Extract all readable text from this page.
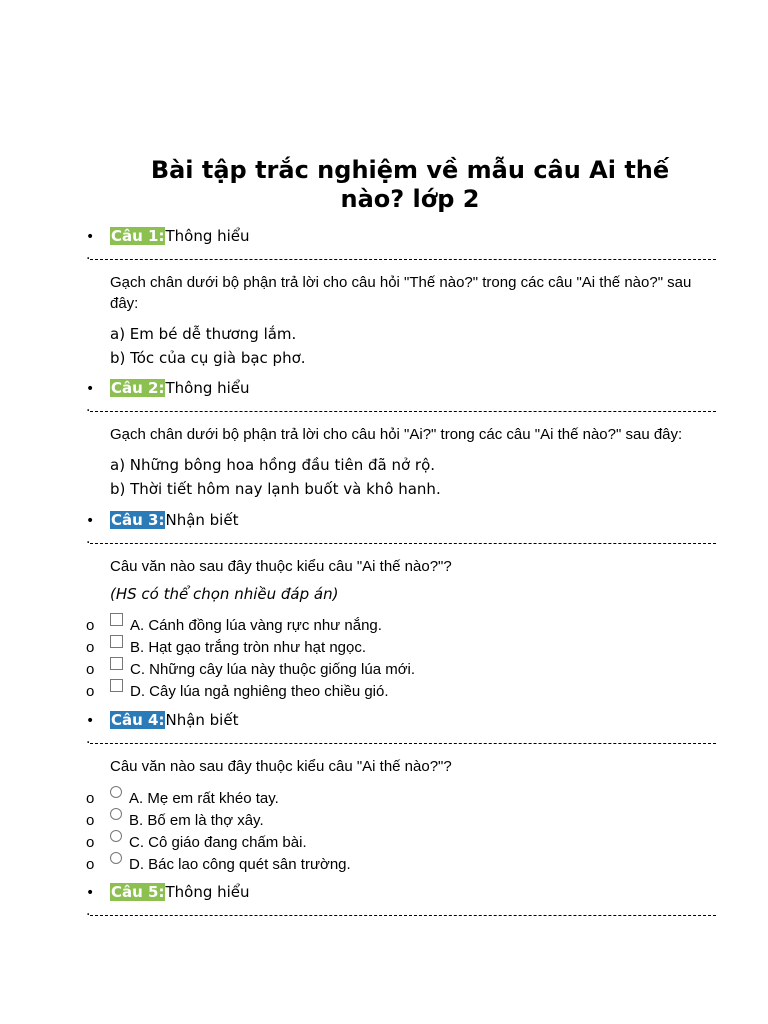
Bài tập trắc nghiệm về mẫu câu Ai thế nào? lớp 2
• Câu 1:Thông hiểu
·
Gạch chân dưới bộ phận trả lời cho câu hỏi "Thế nào?" trong các câu "Ai thế nào?" sau đây:
a) Em bé dễ thương lắm.
b) Tóc của cụ già bạc phơ.
• Câu 2:Thông hiểu
·
Gạch chân dưới bộ phận trả lời cho câu hỏi "Ai?" trong các câu "Ai thế nào?" sau đây:
a) Những bông hoa hồng đầu tiên đã nở rộ.
b) Thời tiết hôm nay lạnh buốt và khô hanh.
• Câu 3:Nhận biết
·
Câu văn nào sau đây thuộc kiểu câu "Ai thế nào?"?
(HS có thể chọn nhiều đáp án)
o A. Cánh đồng lúa vàng rực như nắng.
o B. Hạt gạo trắng tròn như hạt ngọc.
o C. Những cây lúa này thuộc giống lúa mới.
o D. Cây lúa ngả nghiêng theo chiều gió.
• Câu 4:Nhận biết
·
Câu văn nào sau đây thuộc kiểu câu "Ai thế nào?"?
o A. Mẹ em rất khéo tay.
o B. Bố em là thợ xây.
o C. Cô giáo đang chấm bài.
o D. Bác lao công quét sân trường.
• Câu 5:Thông hiểu
·
